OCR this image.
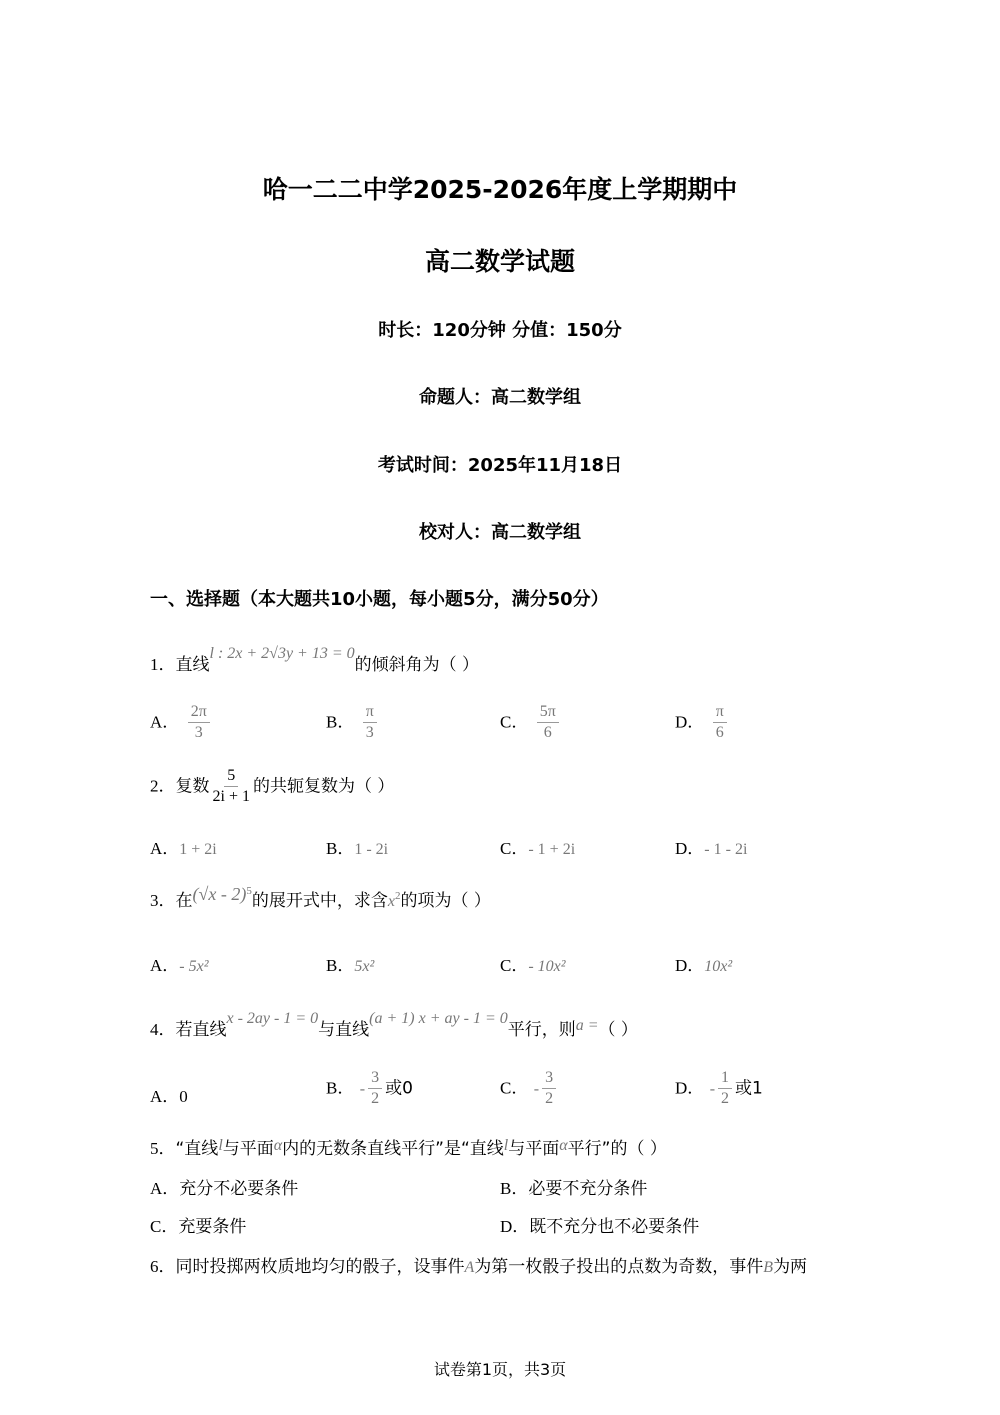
哈一二二中学2025-2026年度上学期期中
高二数学试题
时长：120分钟 分值：150分
命题人：高二数学组
考试时间：2025年11月18日
校对人：高二数学组
一、选择题（本大题共10小题，每小题5分，满分50分）
1．直线l : 2x + 2√3y + 13 = 0的倾斜角为（ ）
A． $\frac{2\pi}{3}$	B． $\frac{\pi}{3}$	C． $\frac{5\pi}{6}$	D． $\frac{\pi}{6}$
2．复数 $\frac{5}{2i + 1}$ 的共轭复数为（ ）
A．1 + 2i	B．1 - 2i	C．- 1 + 2i	D．- 1 - 2i
3．在(√x - 2)$^5$的展开式中，求含$x^2$的项为（ ）
A．- 5x²	B．5x²	C．- 10x²	D．10x²
4．若直线x - 2ay - 1 = 0与直线(a + 1) x + ay - 1 = 0平行，则a =（ ）
A．0	B． - $\frac{3}{2}$ 或0	C． - $\frac{3}{2}$	D． - $\frac{1}{2}$ 或1
5．“直线l与平面α内的无数条直线平行”是“直线l与平面α平行”的（ ）
A．充分不必要条件	B．必要不充分条件
C．充要条件	D．既不充分也不必要条件
6．同时投掷两枚质地均匀的骰子，设事件A为第一枚骰子投出的点数为奇数，事件B为两
试卷第1页，共3页
